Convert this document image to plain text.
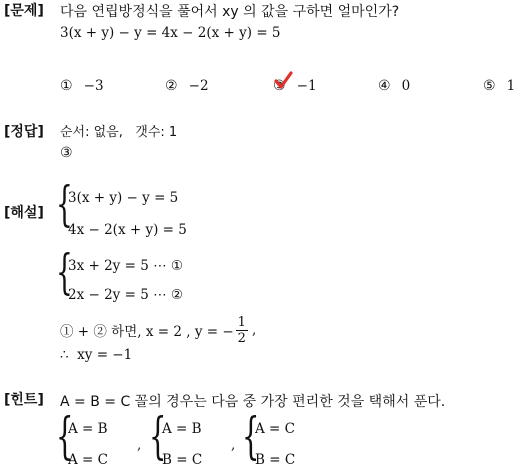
[문제] 다음 연립방정식을 풀어서 xy 의 값을 구하면 얼마인가?
3(x + y) − y = 4x − 2(x + y) = 5
① −3	② −2	③ −1	④ 0	⑤ 1
[정답] 순서: 없음,   갯수: 1
③
[해설] {
3(x + y) − y = 5
4x − 2(x + y) = 5
{
3x + 2y = 5 ⋯ ①
2x − 2y = 5 ⋯ ②
① + ② 하면, x = 2 , y = − $\frac{1}{2}$ ,
∴  xy = −1
[힌트] A = B = C 꼴의 경우는 다음 중 가장 편리한 것을 택해서 푼다.
{
A = B
A = C
, {
A = B
B = C
, {
A = C
B = C
